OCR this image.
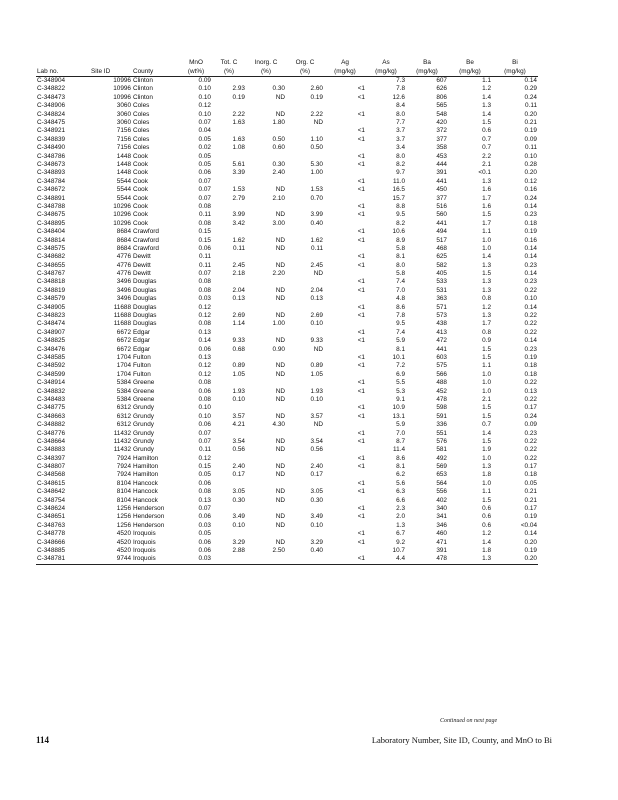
			MnO	Tot. C	Inorg. C	Org. C	Ag	As	Ba	Be	Bi
Lab no.	Site ID	County	(wt%)	(%)	(%)	(%)	(mg/kg)	(mg/kg)	(mg/kg)	(mg/kg)	(mg/kg)
C-348904	10996	Clinton	0.09					7.3	607	1.1	0.14
C-348822	10996	Clinton	0.10	2.93	0.30	2.60	<1	7.8	626	1.2	0.29
C-348473	10996	Clinton	0.10	0.19	ND	0.19	<1	12.6	806	1.4	0.24
C-348906	3060	Coles	0.12					8.4	565	1.3	0.11
C-348824	3060	Coles	0.10	2.22	ND	2.22	<1	8.0	548	1.4	0.20
C-348475	3060	Coles	0.07	1.63	1.80	ND		7.7	420	1.5	0.21
C-348921	7156	Coles	0.04				<1	3.7	372	0.6	0.19
C-348839	7156	Coles	0.05	1.63	0.50	1.10	<1	3.7	377	0.7	0.09
C-348490	7156	Coles	0.02	1.08	0.60	0.50		3.4	358	0.7	0.11
C-348786	1448	Cook	0.05				<1	8.0	453	2.2	0.10
C-348673	1448	Cook	0.05	5.61	0.30	5.30	<1	8.2	444	2.1	0.28
C-348893	1448	Cook	0.06	3.39	2.40	1.00		9.7	391	<0.1	0.20
C-348784	5544	Cook	0.07				<1	11.0	441	1.3	0.12
C-348672	5544	Cook	0.07	1.53	ND	1.53	<1	16.5	450	1.6	0.16
C-348891	5544	Cook	0.07	2.79	2.10	0.70		15.7	377	1.7	0.24
C-348788	10296	Cook	0.08				<1	8.8	516	1.6	0.14
C-348675	10296	Cook	0.11	3.99	ND	3.99	<1	9.5	560	1.5	0.23
C-348895	10296	Cook	0.08	3.42	3.00	0.40		8.2	441	1.7	0.18
C-348404	8684	Crawford	0.15				<1	10.6	494	1.1	0.19
C-348814	8684	Crawford	0.15	1.62	ND	1.62	<1	8.9	517	1.0	0.16
C-348575	8684	Crawford	0.06	0.11	ND	0.11		5.8	468	1.0	0.14
C-348682	4776	Dewitt	0.11				<1	8.1	625	1.4	0.14
C-348655	4776	Dewitt	0.11	2.45	ND	2.45	<1	8.0	582	1.3	0.23
C-348767	4776	Dewitt	0.07	2.18	2.20	ND		5.8	405	1.5	0.14
C-348818	3496	Douglas	0.08				<1	7.4	533	1.3	0.23
C-348819	3496	Douglas	0.08	2.04	ND	2.04	<1	7.0	531	1.3	0.22
C-348579	3496	Douglas	0.03	0.13	ND	0.13		4.8	363	0.8	0.10
C-348905	11688	Douglas	0.12				<1	8.6	571	1.2	0.14
C-348823	11688	Douglas	0.12	2.69	ND	2.69	<1	7.8	573	1.3	0.22
C-348474	11688	Douglas	0.08	1.14	1.00	0.10		9.5	438	1.7	0.22
C-348907	6672	Edgar	0.13				<1	7.4	413	0.8	0.22
C-348825	6672	Edgar	0.14	9.33	ND	9.33	<1	5.9	472	0.9	0.14
C-348476	6672	Edgar	0.06	0.68	0.90	ND		8.1	441	1.5	0.23
C-348585	1704	Fulton	0.13				<1	10.1	603	1.5	0.19
C-348592	1704	Fulton	0.12	0.89	ND	0.89	<1	7.2	575	1.1	0.18
C-348599	1704	Fulton	0.12	1.05	ND	1.05		6.9	566	1.0	0.18
C-348914	5384	Greene	0.08				<1	5.5	488	1.0	0.22
C-348832	5384	Greene	0.06	1.93	ND	1.93	<1	5.3	452	1.0	0.13
C-348483	5384	Greene	0.08	0.10	ND	0.10		9.1	478	2.1	0.22
C-348775	6312	Grundy	0.10				<1	10.9	598	1.5	0.17
C-348663	6312	Grundy	0.10	3.57	ND	3.57	<1	13.1	591	1.5	0.24
C-348882	6312	Grundy	0.06	4.21	4.30	ND		5.9	336	0.7	0.09
C-348776	11432	Grundy	0.07				<1	7.0	551	1.4	0.23
C-348664	11432	Grundy	0.07	3.54	ND	3.54	<1	8.7	576	1.5	0.22
C-348883	11432	Grundy	0.11	0.56	ND	0.56		11.4	581	1.9	0.22
C-348397	7924	Hamilton	0.12				<1	8.6	492	1.0	0.22
C-348807	7924	Hamilton	0.15	2.40	ND	2.40	<1	8.1	569	1.3	0.17
C-348568	7924	Hamilton	0.05	0.17	ND	0.17		6.2	653	1.8	0.18
C-348615	8104	Hancock	0.06				<1	5.6	564	1.0	0.05
C-348642	8104	Hancock	0.08	3.05	ND	3.05	<1	6.3	556	1.1	0.21
C-348754	8104	Hancock	0.13	0.30	ND	0.30		6.6	402	1.5	0.21
C-348624	1256	Henderson	0.07				<1	2.3	340	0.6	0.17
C-348651	1256	Henderson	0.06	3.49	ND	3.49	<1	2.0	341	0.6	0.19
C-348763	1256	Henderson	0.03	0.10	ND	0.10		1.3	346	0.6	<0.04
C-348778	4520	Iroquois	0.05				<1	6.7	460	1.2	0.14
C-348666	4520	Iroquois	0.06	3.29	ND	3.29	<1	9.2	471	1.4	0.20
C-348885	4520	Iroquois	0.06	2.88	2.50	0.40		10.7	391	1.8	0.19
C-348781	9744	Iroquois	0.03				<1	4.4	478	1.3	0.20
Continued on next page
114	Laboratory Number, Site ID, County, and MnO to Bi
